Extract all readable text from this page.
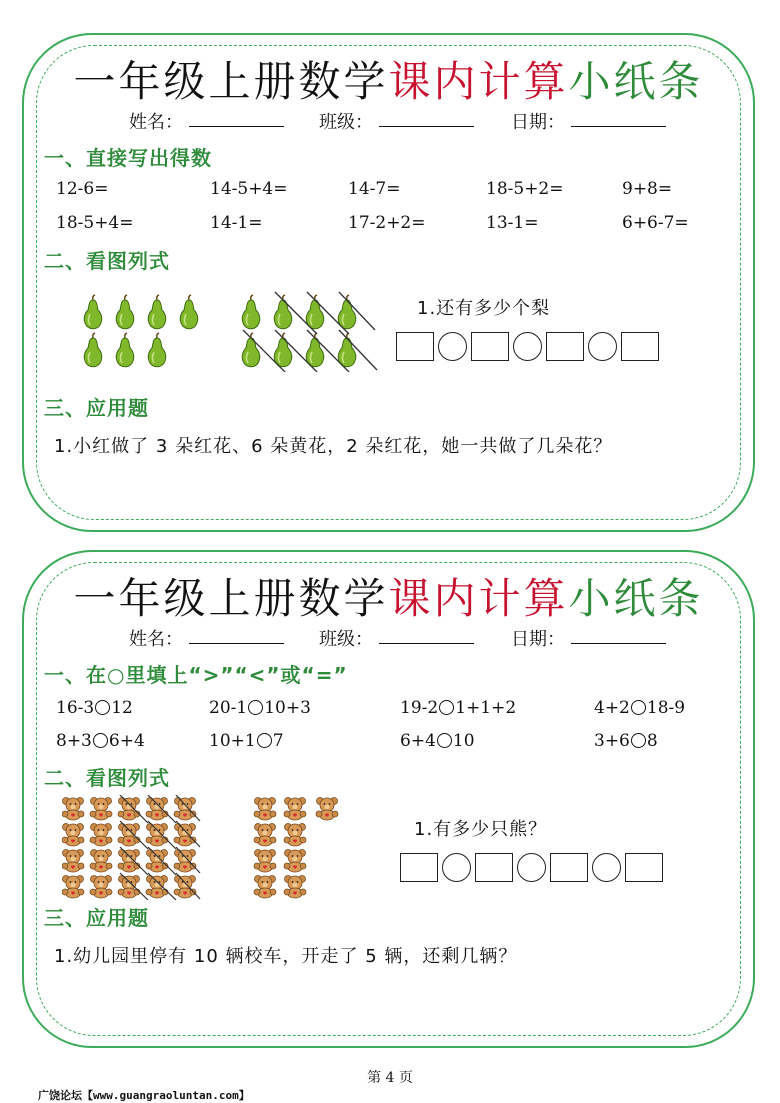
一年级上册数学课内计算小纸条
姓名：	班级：	日期：
一、直接写出得数
12-6=	14-5+4=	14-7=	18-5+2=	9+8=
18-5+4=	14-1=	17-2+2=	13-1=	6+6-7=
二、看图列式
1.还有多少个梨
三、应用题
1.小红做了 3 朵红花、6 朵黄花，2 朵红花，她一共做了几朵花？
一年级上册数学课内计算小纸条
姓名：	班级：	日期：
一、在○里填上“>”“<”或“=”
16-3 12	20-1 10+3	19-2 1+1+2	4+2 18-9
8+3 6+4	10+1 7	6+4 10	3+6 8
二、看图列式
1.有多少只熊？
三、应用题
1.幼儿园里停有 10 辆校车，开走了 5 辆，还剩几辆？
第 4 页
广饶论坛【www.guangraoluntan.com】
